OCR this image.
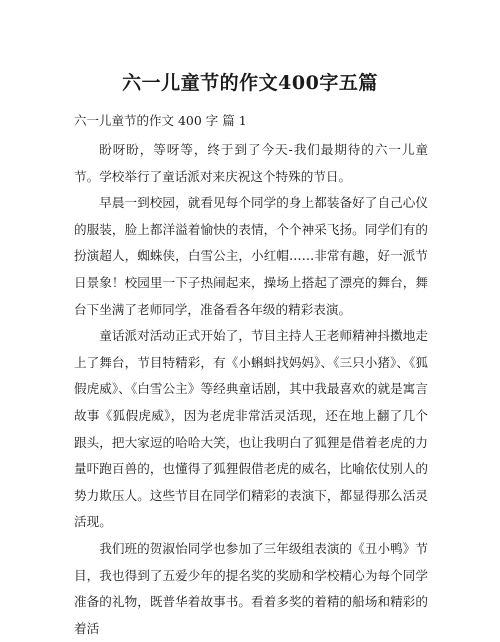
六一儿童节的作文400字五篇
六一儿童节的作文 400 字 篇 1

盼呀盼，等呀等，终于到了今天-我们最期待的六一儿童节。学校举行了童话派对来庆祝这个特殊的节日。

早晨一到校园，就看见每个同学的身上都装备好了自己心仪的服装，脸上都洋溢着愉快的表情，个个神采飞扬。同学们有的扮演超人，蜘蛛侠，白雪公主，小红帽……非常有趣，好一派节日景象！校园里一下子热闹起来，操场上搭起了漂亮的舞台，舞台下坐满了老师同学，准备看各年级的精彩表演。

童话派对活动正式开始了，节目主持人王老师精神抖擞地走上了舞台，节目特精彩，有《小蝌蚪找妈妈》、《三只小猪》、《狐假虎威》、《白雪公主》等经典童话剧，其中我最喜欢的就是寓言故事《狐假虎威》，因为老虎非常活灵活现，还在地上翻了几个跟头，把大家逗的哈哈大笑，也让我明白了狐狸是借着老虎的力量吓跑百兽的，也懂得了狐狸假借老虎的威名，比喻依仗别人的势力欺压人。这些节目在同学们精彩的表演下，都显得那么活灵活现。

我们班的贺淑怡同学也参加了三年级组表演的《丑小鸭》节目，我也得到了五爱少年的提名奖的奖励和学校精心为每个同学准备的礼物，既普华着故事书。看着多奖的着精的船场和精彩的着活
